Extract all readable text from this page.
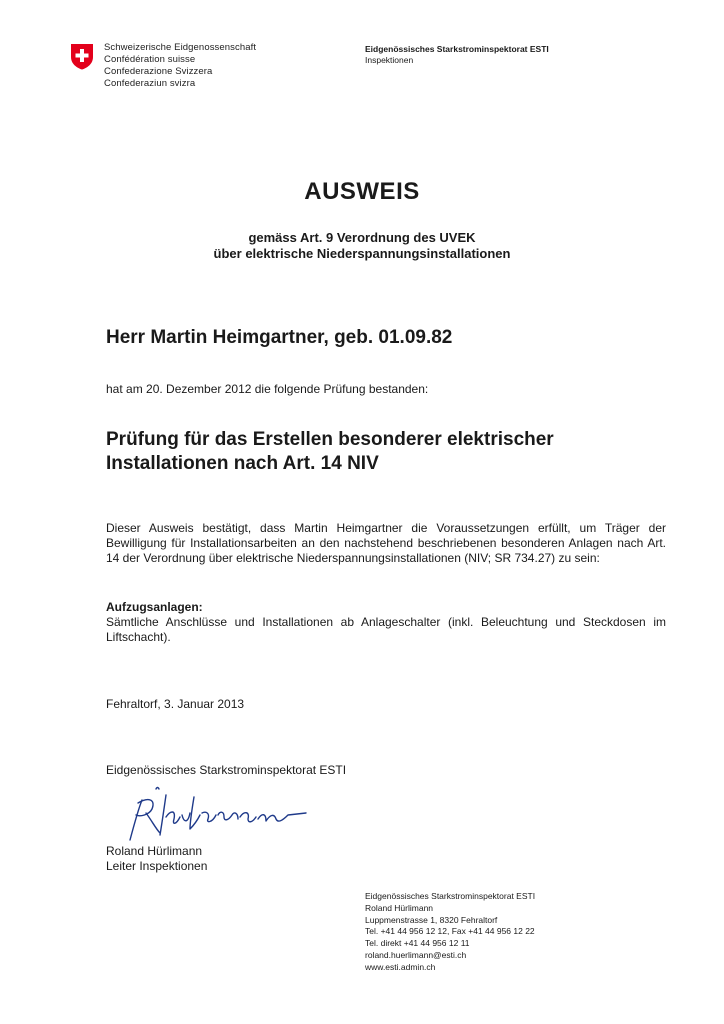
Schweizerische Eidgenossenschaft
Confédération suisse
Confederazione Svizzera
Confederaziun svizra
Eidgenössisches Starkstrominspektorat ESTI
Inspektionen
AUSWEIS
gemäss Art. 9 Verordnung des UVEK
über elektrische Niederspannungsinstallationen
Herr Martin Heimgartner, geb. 01.09.82
hat am 20. Dezember 2012 die folgende Prüfung bestanden:
Prüfung für das Erstellen besonderer elektrischer
Installationen nach Art. 14 NIV
Dieser Ausweis bestätigt, dass Martin Heimgartner die Voraussetzungen erfüllt, um Träger der Bewilligung für Installationsarbeiten an den nachstehend beschriebenen besonderen Anlagen nach Art. 14 der Verordnung über elektrische Niederspannungsinstallationen (NIV; SR 734.27) zu sein:
Aufzugsanlagen:
Sämtliche Anschlüsse und Installationen ab Anlageschalter (inkl. Beleuchtung und Steckdosen im Liftschacht).
Fehraltorf, 3. Januar 2013
Eidgenössisches Starkstrominspektorat ESTI
Roland Hürlimann
Leiter Inspektionen
Eidgenössisches Starkstrominspektorat ESTI
Roland Hürlimann
Luppmenstrasse 1, 8320 Fehraltorf
Tel. +41 44 956 12 12, Fax +41 44 956 12 22
Tel. direkt +41 44 956 12 11
roland.huerlimann@esti.ch
www.esti.admin.ch
